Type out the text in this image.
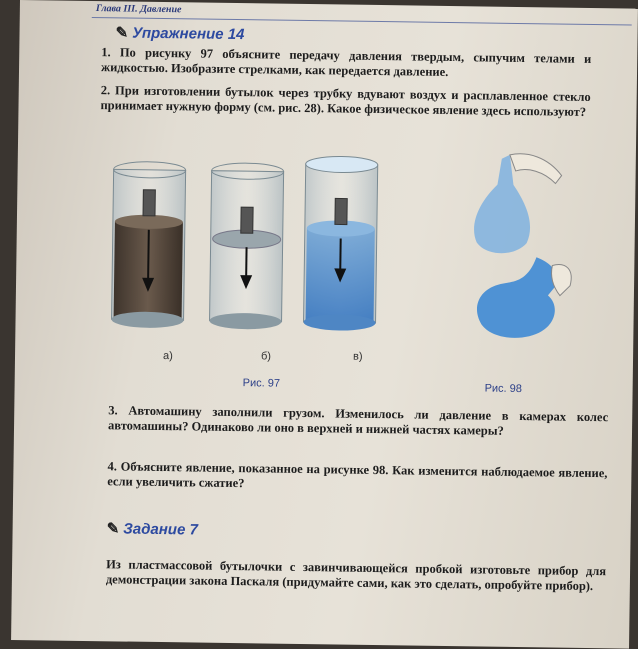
Глава III. Давление
✎ Упражнение 14
1. По рисунку 97 объясните передачу давления твердым, сыпучим телами и жидкостью. Изобразите стрелками, как передается давление.
2. При изготовлении бутылок через трубку вдувают воздух и расплавленное стекло принимает нужную форму (см. рис. 28). Какое физическое явление здесь используют?
а)	б)	в)
Рис. 97	Рис. 98
3. Автомашину заполнили грузом. Изменилось ли давление в камерах колес автомашины? Одинаково ли оно в верхней и нижней частях камеры?
4. Объясните явление, показанное на рисунке 98. Как изменится наблюдаемое явление, если увеличить сжатие?
✎ Задание 7
Из пластмассовой бутылочки с завинчивающейся пробкой изготовьте прибор для демонстрации закона Паскаля (придумайте сами, как это сделать, опробуйте прибор).
